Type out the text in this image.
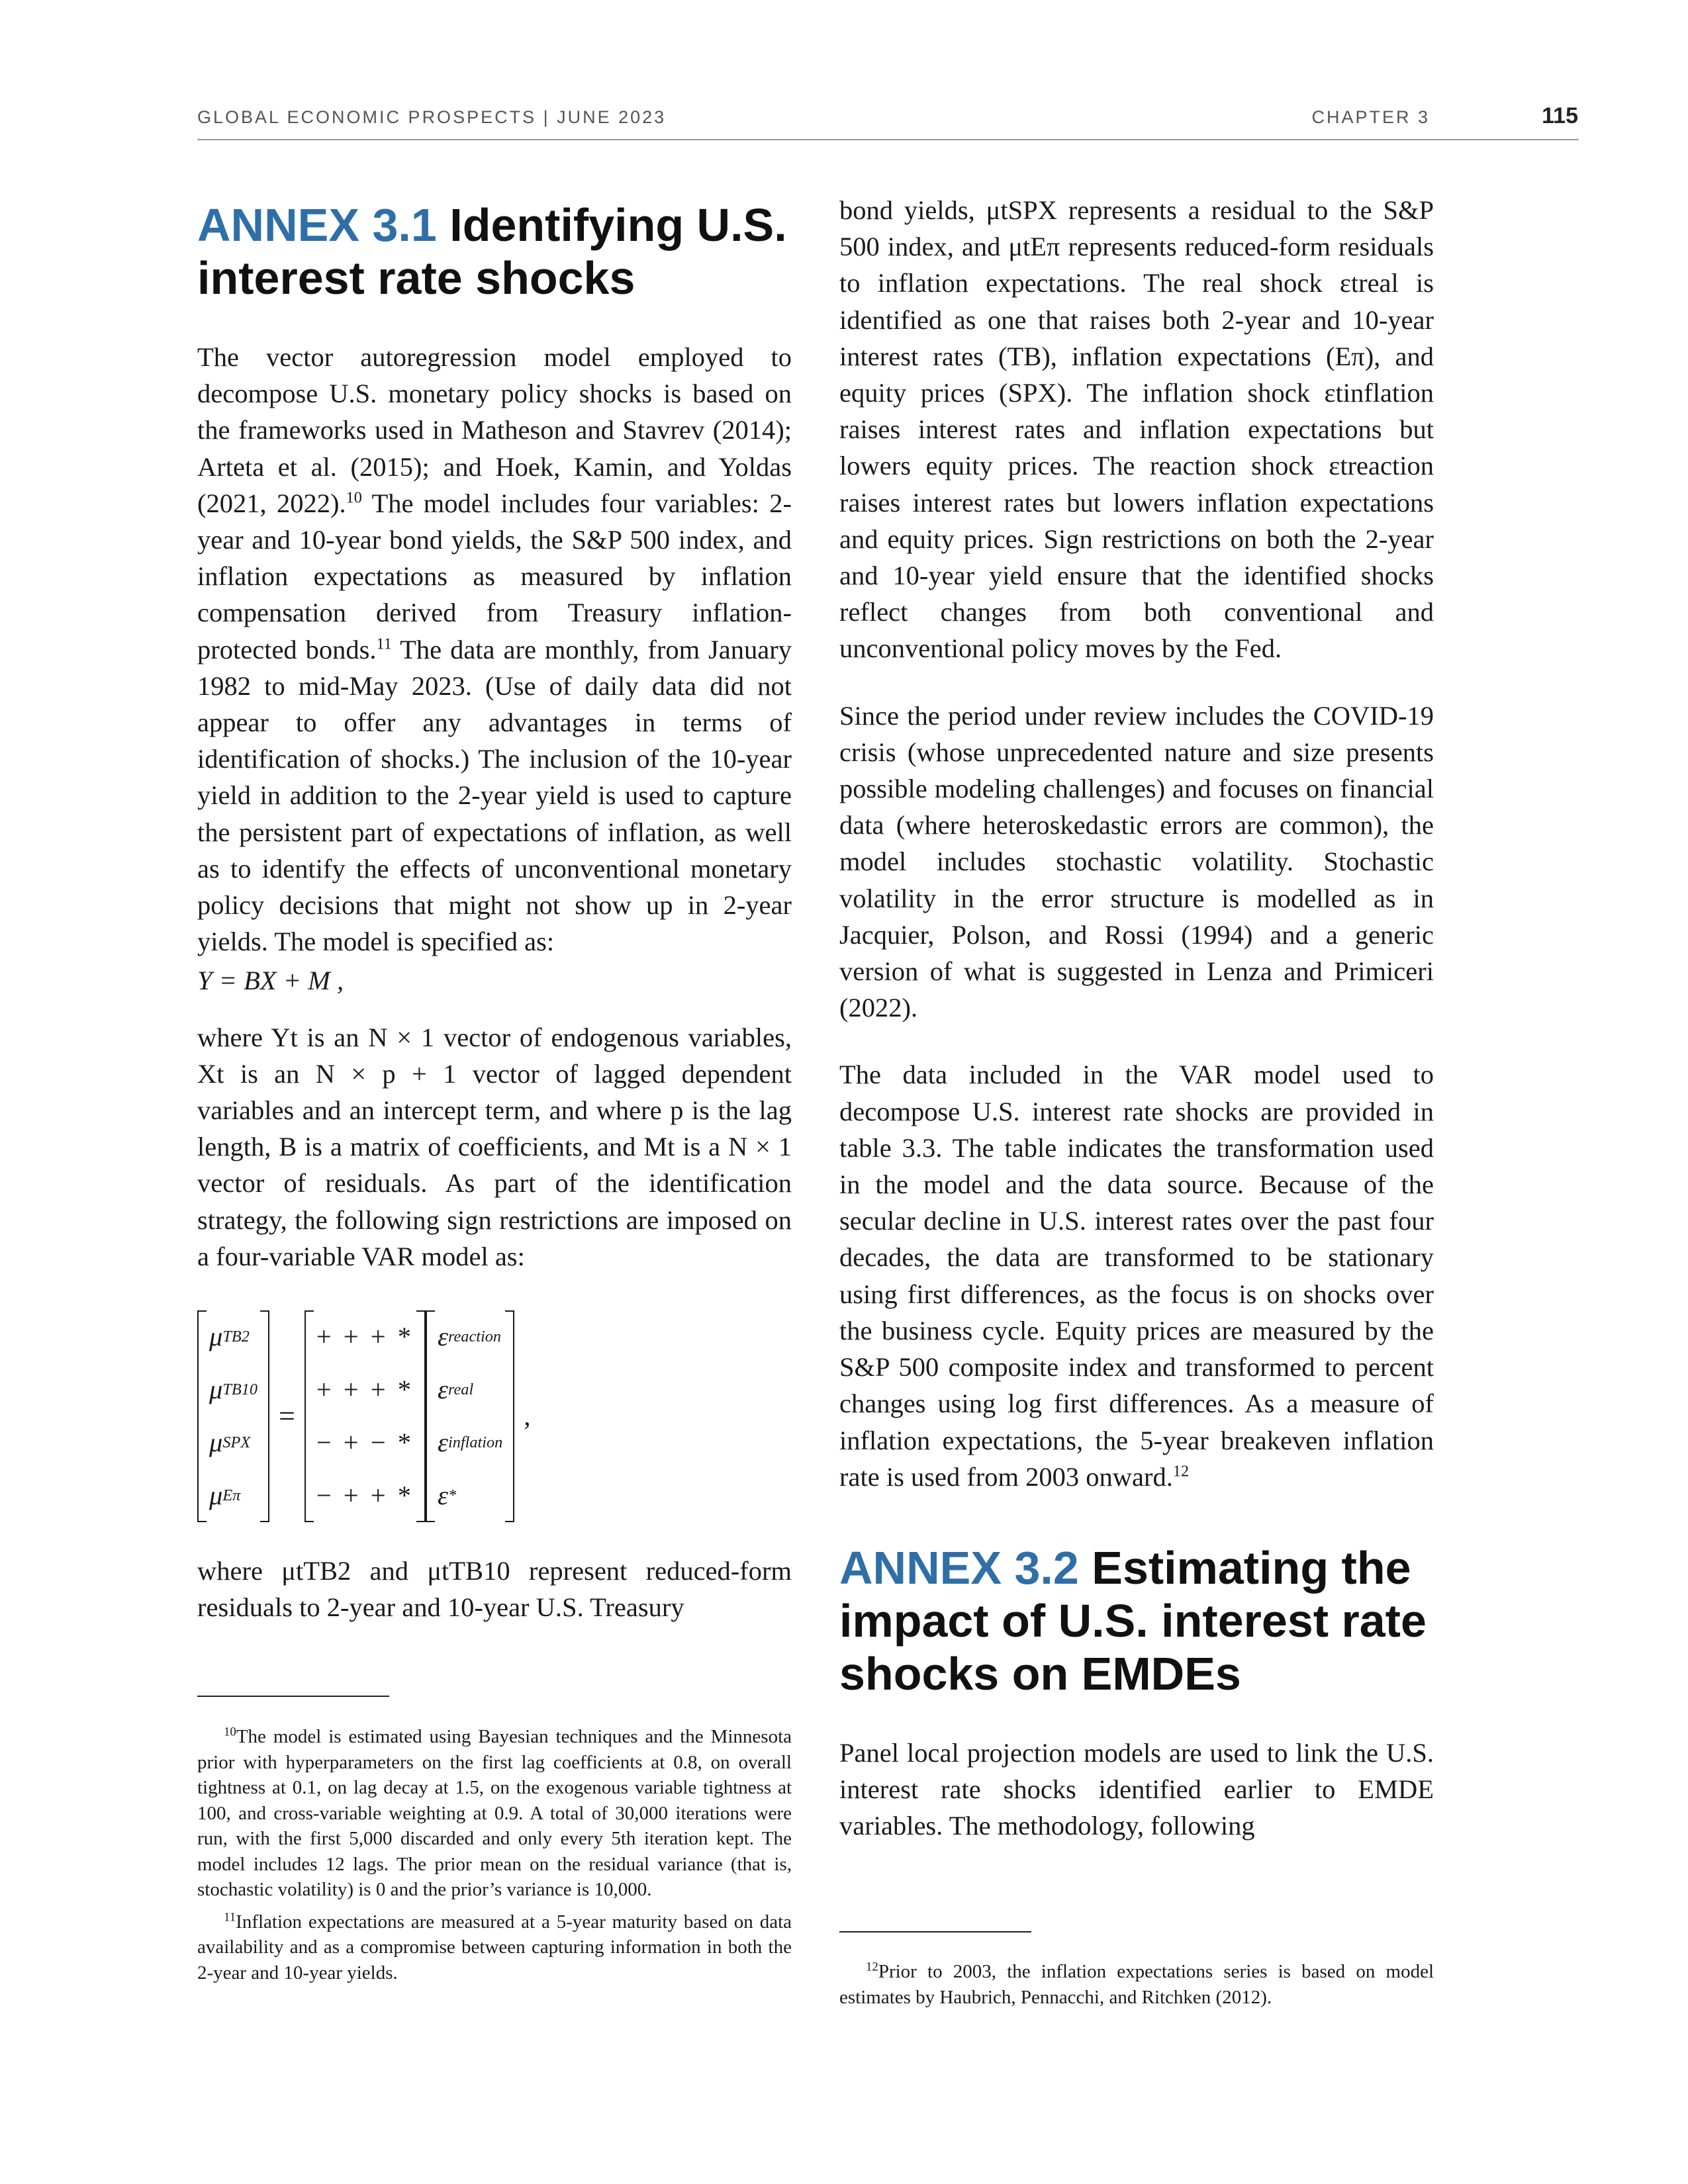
GLOBAL ECONOMIC PROSPECTS | JUNE 2023	CHAPTER 3	115
ANNEX 3.1 Identifying U.S. interest rate shocks

The vector autoregression model employed to decompose U.S. monetary policy shocks is based on the frameworks used in Matheson and Stavrev (2014); Arteta et al. (2015); and Hoek, Kamin, and Yoldas (2021, 2022).$^{10}$ The model includes four variables: 2-year and 10-year bond yields, the S&P 500 index, and inflation expectations as measured by inflation compensation derived from Treasury inflation-protected bonds.$^{11}$ The data are monthly, from January 1982 to mid-May 2023. (Use of daily data did not appear to offer any advantages in terms of identification of shocks.) The inclusion of the 10-year yield in addition to the 2-year yield is used to capture the persistent part of expectations of inflation, as well as to identify the effects of unconventional monetary policy decisions that might not show up in 2-year yields. The model is specified as:

Y = BX + M ,

where Yt is an N × 1 vector of endogenous variables, Xt is an N × p + 1 vector of lagged dependent variables and an intercept term, and where p is the lag length, B is a matrix of coefficients, and Mt is a N × 1 vector of residuals. As part of the identification strategy, the following sign restrictions are imposed on a four-variable VAR model as:

μ TB2
μ TB10
μ SPX
μ Eπ
=
+ + + *
+ + + *
− + − *
− + + *
ε reaction
ε real
ε inflation
ε *
,

where μtTB2 and μtTB10 represent reduced-form residuals to 2-year and 10-year U.S. Treasury

$^{10}$The model is estimated using Bayesian techniques and the Minnesota prior with hyperparameters on the first lag coefficients at 0.8, on overall tightness at 0.1, on lag decay at 1.5, on the exogenous variable tightness at 100, and cross-variable weighting at 0.9. A total of 30,000 iterations were run, with the first 5,000 discarded and only every 5th iteration kept. The model includes 12 lags. The prior mean on the residual variance (that is, stochastic volatility) is 0 and the prior’s variance is 10,000.

$^{11}$Inflation expectations are measured at a 5-year maturity based on data availability and as a compromise between capturing information in both the 2-year and 10-year yields.

bond yields, μtSPX represents a residual to the S&P 500 index, and μtEπ represents reduced-form residuals to inflation expectations. The real shock εtreal is identified as one that raises both 2-year and 10-year interest rates (TB), inflation expectations (Eπ), and equity prices (SPX). The inflation shock εtinflation raises interest rates and inflation expectations but lowers equity prices. The reaction shock εtreaction raises interest rates but lowers inflation expectations and equity prices. Sign restrictions on both the 2-year and 10-year yield ensure that the identified shocks reflect changes from both conventional and unconventional policy moves by the Fed.

Since the period under review includes the COVID-19 crisis (whose unprecedented nature and size presents possible modeling challenges) and focuses on financial data (where heteroskedastic errors are common), the model includes stochastic volatility. Stochastic volatility in the error structure is modelled as in Jacquier, Polson, and Rossi (1994) and a generic version of what is suggested in Lenza and Primiceri (2022).

The data included in the VAR model used to decompose U.S. interest rate shocks are provided in table 3.3. The table indicates the transformation used in the model and the data source. Because of the secular decline in U.S. interest rates over the past four decades, the data are transformed to be stationary using first differences, as the focus is on shocks over the business cycle. Equity prices are measured by the S&P 500 composite index and transformed to percent changes using log first differences. As a measure of inflation expectations, the 5-year breakeven inflation rate is used from 2003 onward.$^{12}$

ANNEX 3.2 Estimating the impact of U.S. interest rate shocks on EMDEs

Panel local projection models are used to link the U.S. interest rate shocks identified earlier to EMDE variables. The methodology, following

$^{12}$Prior to 2003, the inflation expectations series is based on model estimates by Haubrich, Pennacchi, and Ritchken (2012).
